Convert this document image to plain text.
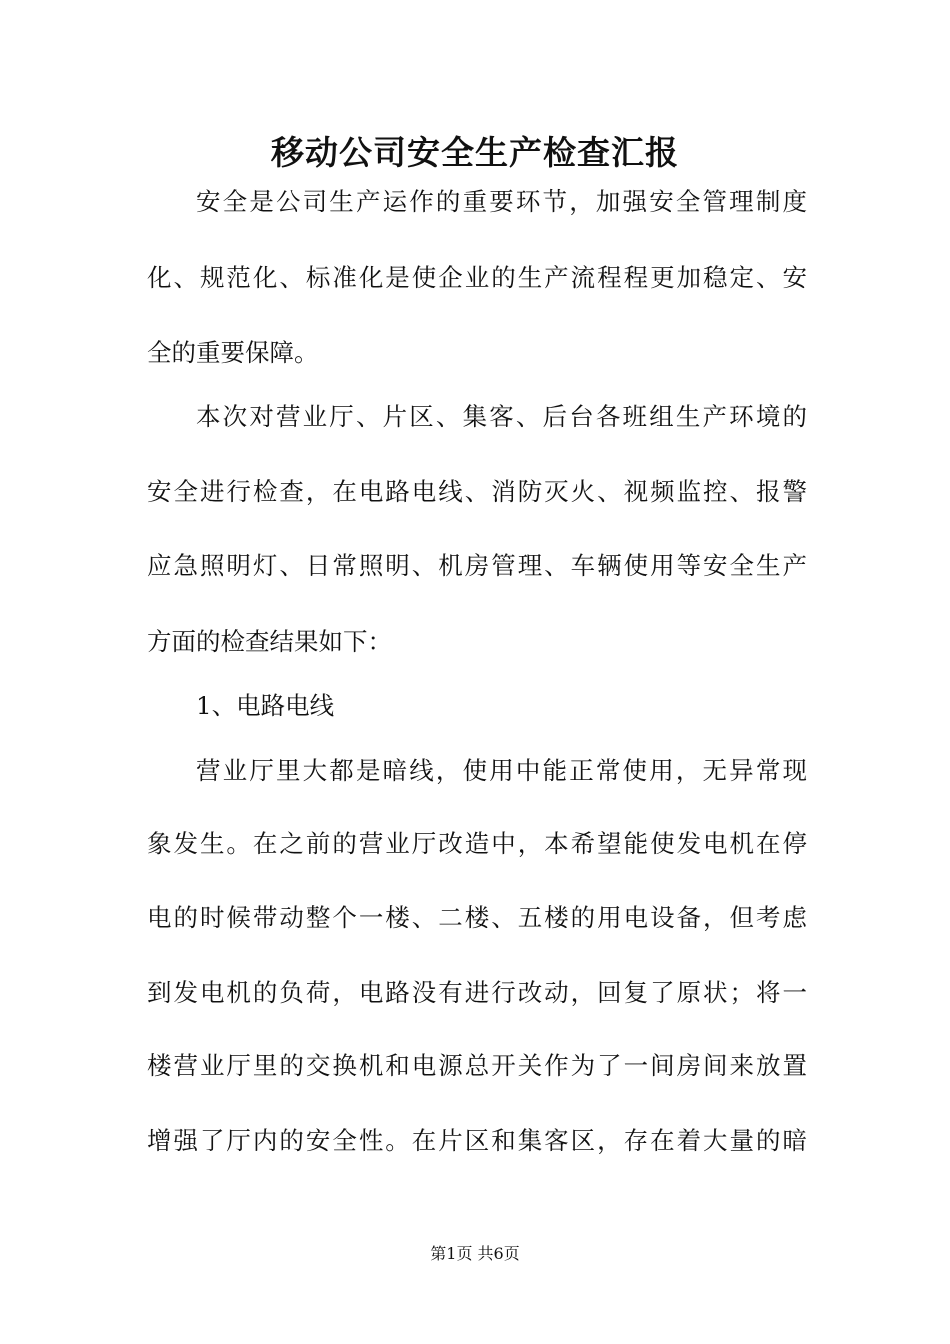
移动公司安全生产检查汇报
安全是公司生产运作的重要环节，加强安全管理制度
化、规范化、标准化是使企业的生产流程程更加稳定、安
全的重要保障。
本次对营业厅、片区、集客、后台各班组生产环境的
安全进行检查，在电路电线、消防灭火、视频监控、报警
应急照明灯、日常照明、机房管理、车辆使用等安全生产
方面的检查结果如下：
1、电路电线
营业厅里大都是暗线，使用中能正常使用，无异常现
象发生。在之前的营业厅改造中，本希望能使发电机在停
电的时候带动整个一楼、二楼、五楼的用电设备，但考虑
到发电机的负荷，电路没有进行改动，回复了原状；将一
楼营业厅里的交换机和电源总开关作为了一间房间来放置
增强了厅内的安全性。在片区和集客区，存在着大量的暗
第1页 共6页
